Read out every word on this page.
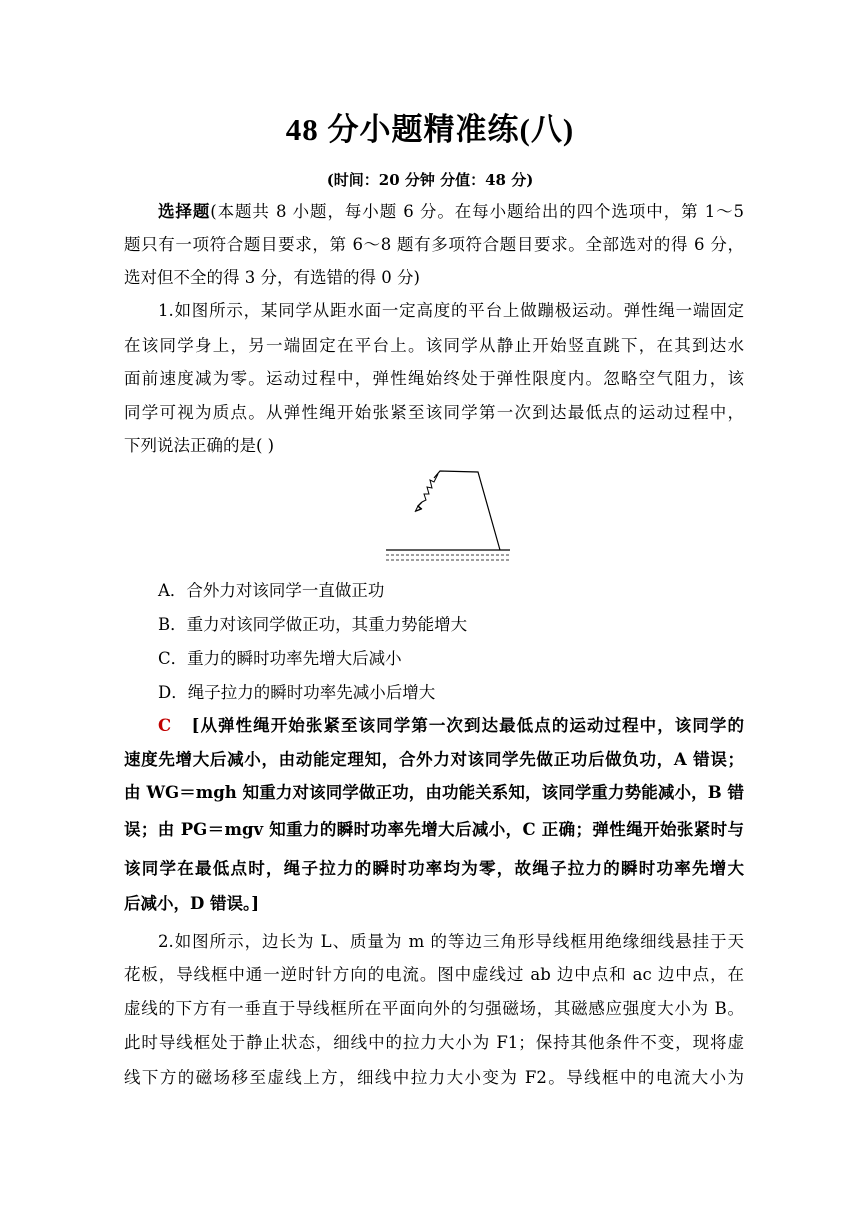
48 分小题精准练(八)
(时间：20 分钟 分值：48 分)
选择题(本题共 8 小题，每小题 6 分。在每小题给出的四个选项中，第 1～5
题只有一项符合题目要求，第 6～8 题有多项符合题目要求。全部选对的得 6 分，
选对但不全的得 3 分，有选错的得 0 分)
1.如图所示，某同学从距水面一定高度的平台上做蹦极运动。弹性绳一端固定
在该同学身上，另一端固定在平台上。该同学从静止开始竖直跳下，在其到达水
面前速度减为零。运动过程中，弹性绳始终处于弹性限度内。忽略空气阻力，该
同学可视为质点。从弹性绳开始张紧至该同学第一次到达最低点的运动过程中，
下列说法正确的是( )
A．合外力对该同学一直做正功
B．重力对该同学做正功，其重力势能增大
C．重力的瞬时功率先增大后减小
D．绳子拉力的瞬时功率先减小后增大
C [从弹性绳开始张紧至该同学第一次到达最低点的运动过程中，该同学的
速度先增大后减小，由动能定理知，合外力对该同学先做正功后做负功，A 错误；
由 WG＝mgh 知重力对该同学做正功，由功能关系知，该同学重力势能减小，B 错
误；由 PG＝mgv 知重力的瞬时功率先增大后减小，C 正确；弹性绳开始张紧时与
该同学在最低点时，绳子拉力的瞬时功率均为零，故绳子拉力的瞬时功率先增大
后减小，D 错误。]
2.如图所示，边长为 L、质量为 m 的等边三角形导线框用绝缘细线悬挂于天
花板，导线框中通一逆时针方向的电流。图中虚线过 ab 边中点和 ac 边中点，在
虚线的下方有一垂直于导线框所在平面向外的匀强磁场，其磁感应强度大小为 B。
此时导线框处于静止状态，细线中的拉力大小为 F1；保持其他条件不变，现将虚
线下方的磁场移至虚线上方，细线中拉力大小变为 F2。导线框中的电流大小为
